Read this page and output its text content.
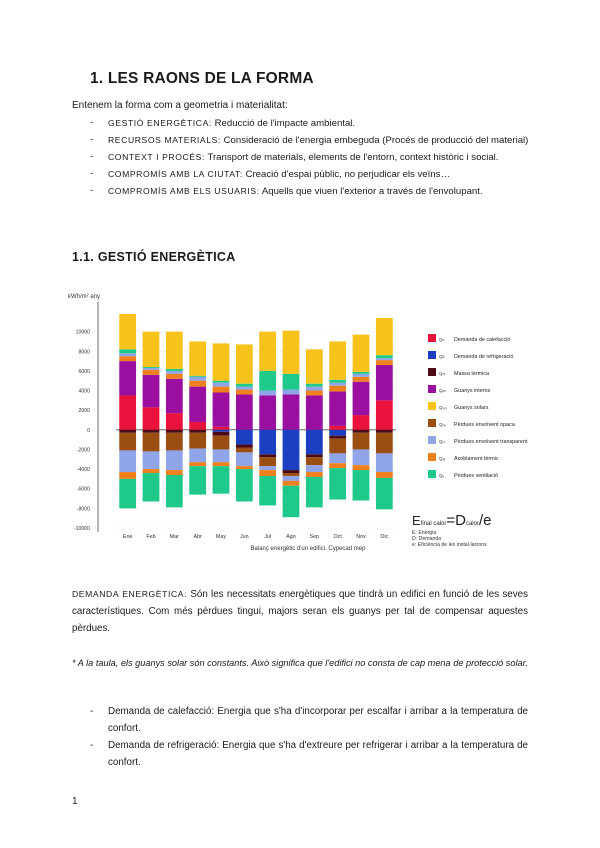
1. LES RAONS DE LA FORMA

Entenem la forma com a geometria i materialitat:

- GESTIÓ ENERGÈTICA: Reducció de l'impacte ambiental.
- RECURSOS MATERIALS: Consideració de l'energia embeguda (Procés de producció del material)
- CONTEXT I PROCÉS: Transport de materials, elements de l'entorn, context històric i social.
- COMPROMÍS AMB LA CIUTAT: Creació d'espai públic, no perjudicar els veïns…
- COMPROMÍS AMB ELS USUARIS: Aquells que viuen l'exterior a través de l'envolupant.
1.1. GESTIÓ ENERGÈTICA
kWh/m² any
10000
8000
6000
4000
2000
0
-2000
-4000
-6000
-8000
-10000
Ene	Feb	Mar	Abr	May	Jun	Jul	Ago	Sep	Oct	Nov	Dic
Balanç energètic d'un edifici. Cypecad mep
Qₕ Demanda de calefacció
Qc Demanda de refrigeració
Qₘ Massa tèrmica
Qᵢₙₜ Guanys interns
Qₛₒₗ Guanys solars
Qₒₚ Pèrdues envolvent opaca
Qₜᵣ Pèrdues envolvent transparent
Qₐₜ Acoblament tèrmic
Qᵥ Pèrdues ventilació
Efinal calor=Dcalor/e
E: Energia
D: Demanda
e: Eficiència de les instal·lacions

DEMANDA ENERGÈTICA: Són les necessitats energètiques que tindrà un edifici en funció de les seves característiques. Com més pèrdues tingui, majors seran els guanys per tal de compensar aquestes pèrdues.

* A la taula, els guanys solar són constants. Això significa que l'edifici no consta de cap mena de protecció solar.

- Demanda de calefacció: Energia que s'ha d'incorporar per escalfar i arribar a la temperatura de confort.
- Demanda de refrigeració: Energia que s'ha d'extreure per refrigerar i arribar a la temperatura de confort.
1
